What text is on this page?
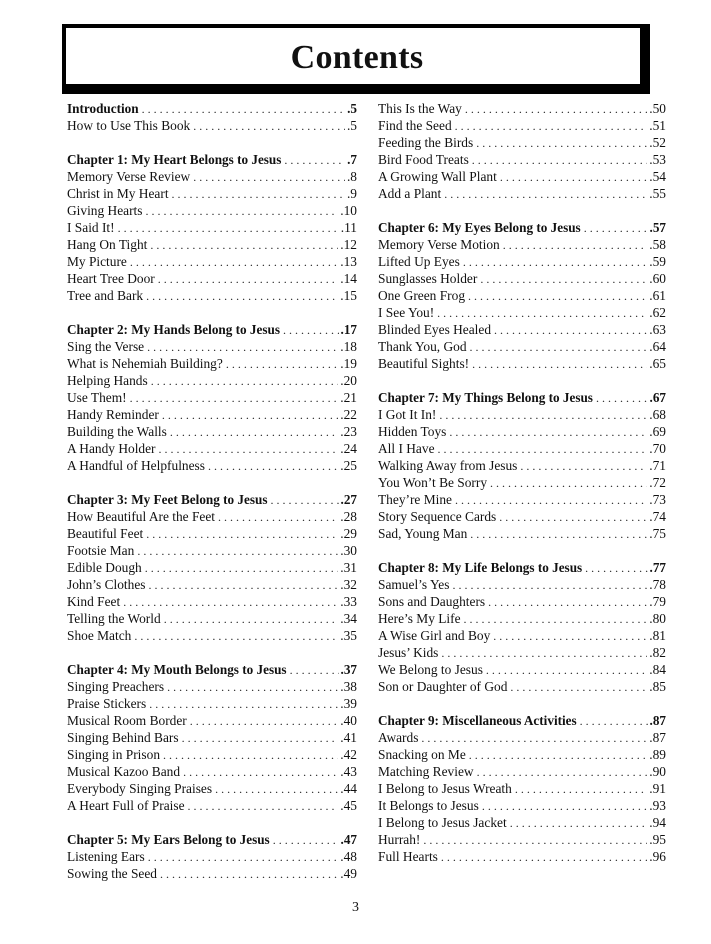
Contents
Introduction . . .	.5
How to Use This Book . . .	.5
Chapter 1: My Heart Belongs to Jesus . . .	.7
Memory Verse Review . . .	.8
Christ in My Heart . . .	.9
Giving Hearts . . .	.10
I Said It! . . .	.11
Hang On Tight . . .	.12
My Picture . . .	.13
Heart Tree Door . . .	.14
Tree and Bark . . .	.15
Chapter 2: My Hands Belong to Jesus . . .	.17
Sing the Verse . . .	.18
What is Nehemiah Building? . . .	.19
Helping Hands . . .	.20
Use Them! . . .	.21
Handy Reminder . . .	.22
Building the Walls . . .	.23
A Handy Holder . . .	.24
A Handful of Helpfulness . . .	.25
Chapter 3: My Feet Belong to Jesus . . .	.27
How Beautiful Are the Feet . . .	.28
Beautiful Feet . . .	.29
Footsie Man . . .	.30
Edible Dough . . .	.31
John’s Clothes . . .	.32
Kind Feet . . .	.33
Telling the World . . .	.34
Shoe Match . . .	.35
Chapter 4: My Mouth Belongs to Jesus . . .	.37
Singing Preachers . . .	.38
Praise Stickers . . .	.39
Musical Room Border . . .	.40
Singing Behind Bars . . .	.41
Singing in Prison . . .	.42
Musical Kazoo Band . . .	.43
Everybody Singing Praises . . .	.44
A Heart Full of Praise . . .	.45
Chapter 5: My Ears Belong to Jesus . . .	.47
Listening Ears . . .	.48
Sowing the Seed . . .	.49
This Is the Way . . .	.50
Find the Seed . . .	.51
Feeding the Birds . . .	.52
Bird Food Treats . . .	.53
A Growing Wall Plant . . .	.54
Add a Plant . . .	.55
Chapter 6: My Eyes Belong to Jesus . . .	.57
Memory Verse Motion . . .	.58
Lifted Up Eyes . . .	.59
Sunglasses Holder . . .	.60
One Green Frog . . .	.61
I See You! . . .	.62
Blinded Eyes Healed . . .	.63
Thank You, God . . .	.64
Beautiful Sights! . . .	.65
Chapter 7: My Things Belong to Jesus . . .	.67
I Got It In! . . .	.68
Hidden Toys . . .	.69
All I Have . . .	.70
Walking Away from Jesus . . .	.71
You Won’t Be Sorry . . .	.72
They’re Mine . . .	.73
Story Sequence Cards . . .	.74
Sad, Young Man . . .	.75
Chapter 8: My Life Belongs to Jesus . . .	.77
Samuel’s Yes . . .	.78
Sons and Daughters . . .	.79
Here’s My Life . . .	.80
A Wise Girl and Boy . . .	.81
Jesus’ Kids . . .	.82
We Belong to Jesus . . .	.84
Son or Daughter of God . . .	.85
Chapter 9: Miscellaneous Activities . . .	.87
Awards . . .	.87
Snacking on Me . . .	.89
Matching Review . . .	.90
I Belong to Jesus Wreath . . .	.91
It Belongs to Jesus . . .	.93
I Belong to Jesus Jacket . . .	.94
Hurrah! . . .	.95
Full Hearts . . .	.96
3
